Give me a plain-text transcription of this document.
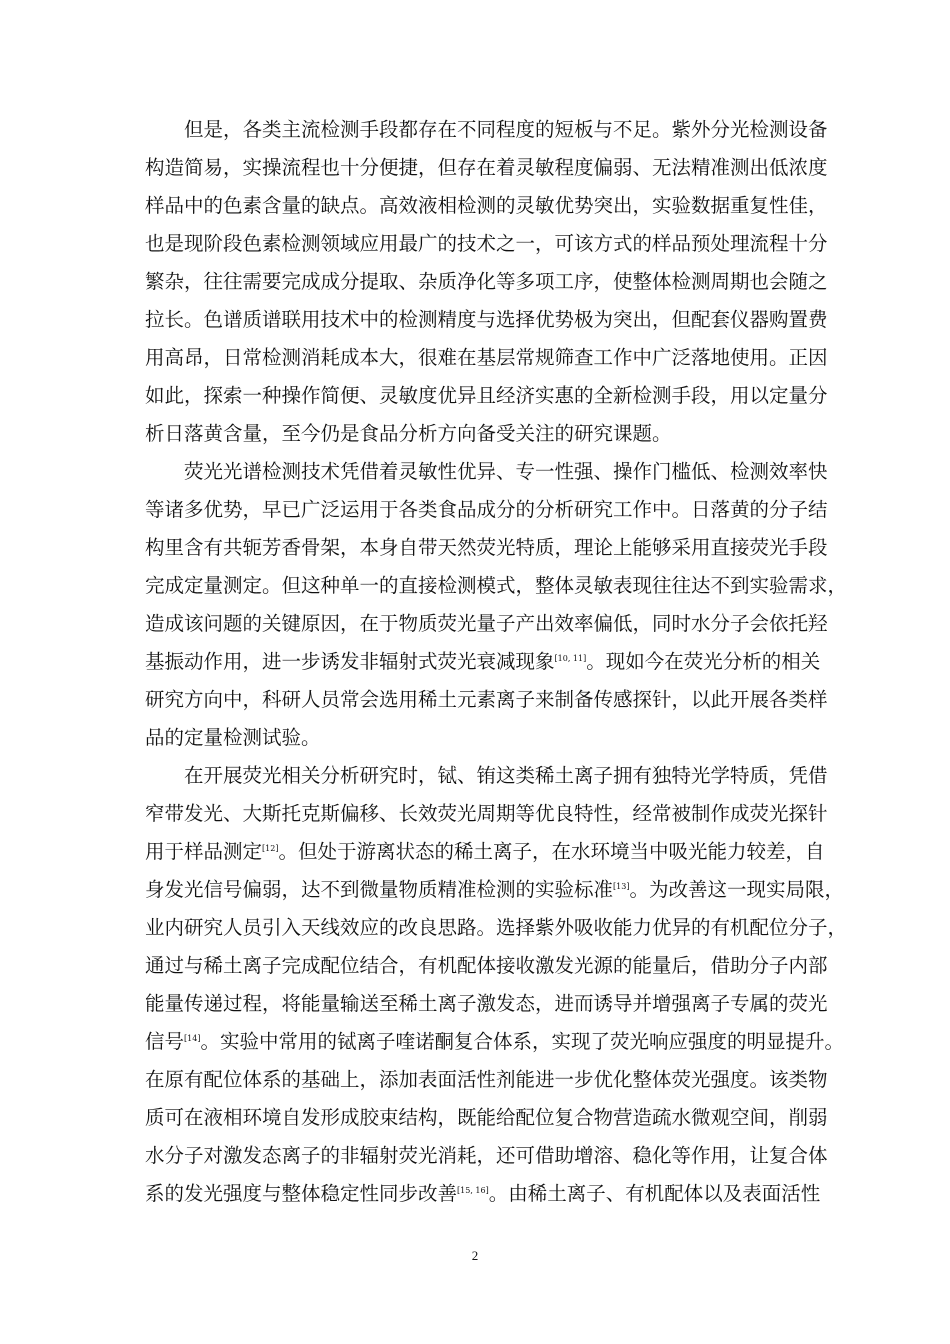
但是，各类主流检测手段都存在不同程度的短板与不足。紫外分光检测设备
构造简易，实操流程也十分便捷，但存在着灵敏程度偏弱、无法精准测出低浓度
样品中的色素含量的缺点。高效液相检测的灵敏优势突出，实验数据重复性佳，
也是现阶段色素检测领域应用最广的技术之一，可该方式的样品预处理流程十分
繁杂，往往需要完成成分提取、杂质净化等多项工序，使整体检测周期也会随之
拉长。色谱质谱联用技术中的检测精度与选择优势极为突出，但配套仪器购置费
用高昂，日常检测消耗成本大，很难在基层常规筛查工作中广泛落地使用。正因
如此，探索一种操作简便、灵敏度优异且经济实惠的全新检测手段，用以定量分
析日落黄含量，至今仍是食品分析方向备受关注的研究课题。
荧光光谱检测技术凭借着灵敏性优异、专一性强、操作门槛低、检测效率快
等诸多优势，早已广泛运用于各类食品成分的分析研究工作中。日落黄的分子结
构里含有共轭芳香骨架，本身自带天然荧光特质，理论上能够采用直接荧光手段
完成定量测定。但这种单一的直接检测模式，整体灵敏表现往往达不到实验需求，
造成该问题的关键原因，在于物质荧光量子产出效率偏低，同时水分子会依托羟
基振动作用，进一步诱发非辐射式荧光衰减现象[10, 11]。现如今在荧光分析的相关
研究方向中，科研人员常会选用稀土元素离子来制备传感探针，以此开展各类样
品的定量检测试验。
在开展荧光相关分析研究时，铽、铕这类稀土离子拥有独特光学特质，凭借
窄带发光、大斯托克斯偏移、长效荧光周期等优良特性，经常被制作成荧光探针
用于样品测定[12]。但处于游离状态的稀土离子，在水环境当中吸光能力较差，自
身发光信号偏弱，达不到微量物质精准检测的实验标准[13]。为改善这一现实局限，
业内研究人员引入天线效应的改良思路。选择紫外吸收能力优异的有机配位分子，
通过与稀土离子完成配位结合，有机配体接收激发光源的能量后，借助分子内部
能量传递过程，将能量输送至稀土离子激发态，进而诱导并增强离子专属的荧光
信号[14]。实验中常用的铽离子喹诺酮复合体系，实现了荧光响应强度的明显提升。
在原有配位体系的基础上，添加表面活性剂能进一步优化整体荧光强度。该类物
质可在液相环境自发形成胶束结构，既能给配位复合物营造疏水微观空间，削弱
水分子对激发态离子的非辐射荧光消耗，还可借助增溶、稳化等作用，让复合体
系的发光强度与整体稳定性同步改善[15, 16]。由稀土离子、有机配体以及表面活性
2
